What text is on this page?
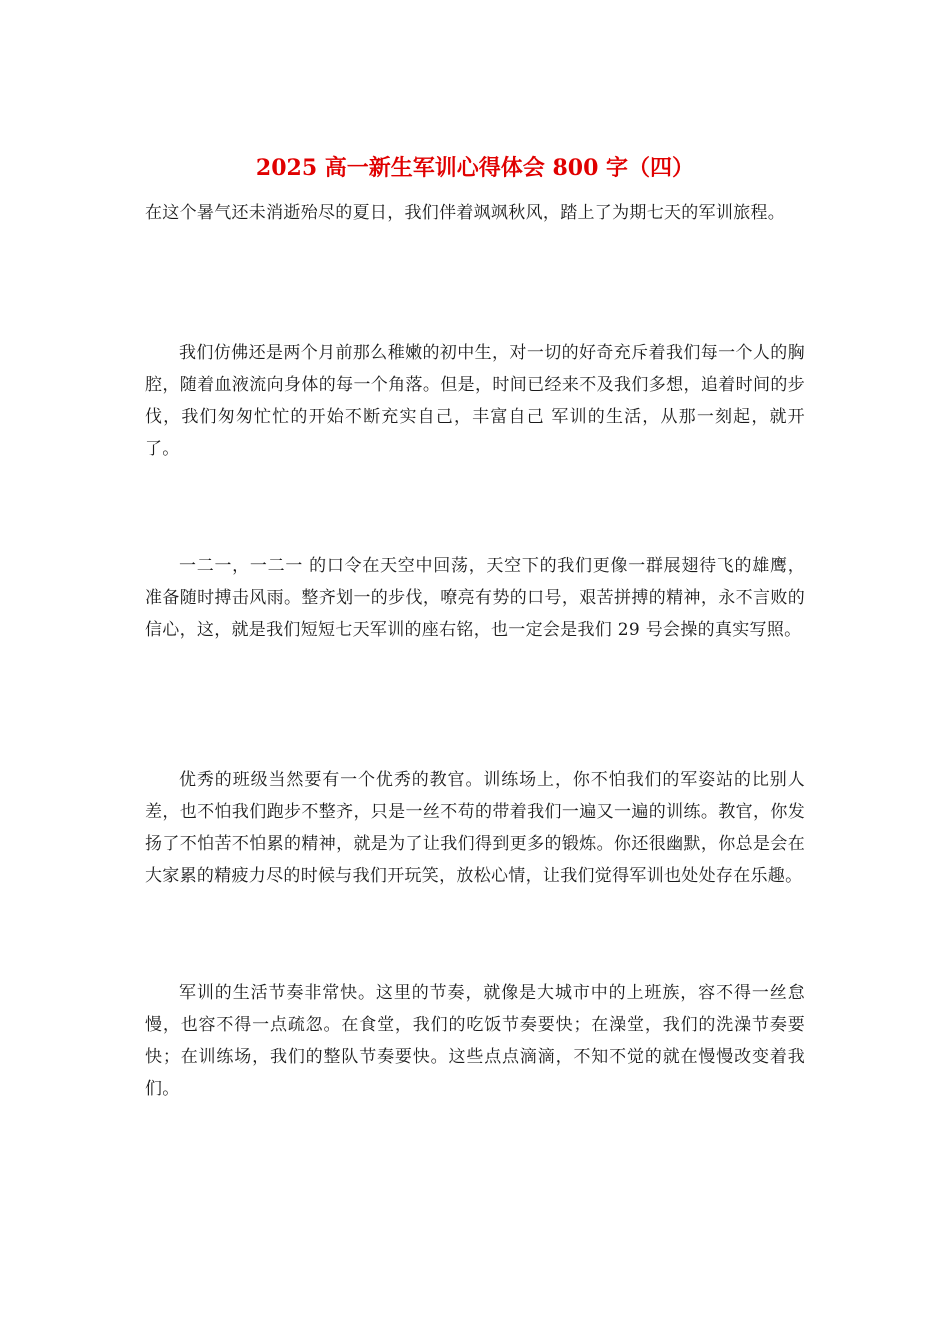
2025 高一新生军训心得体会 800 字（四）

在这个暑气还未消逝殆尽的夏日，我们伴着飒飒秋风，踏上了为期七天的军训旅程。

我们仿佛还是两个月前那么稚嫩的初中生，对一切的好奇充斥着我们每一个人的胸腔，随着血液流向身体的每一个角落。但是，时间已经来不及我们多想，追着时间的步伐，我们匆匆忙忙的开始不断充实自己，丰富自己 军训的生活，从那一刻起，就开了。

一二一，一二一 的口令在天空中回荡，天空下的我们更像一群展翅待飞的雄鹰，准备随时搏击风雨。整齐划一的步伐，嘹亮有势的口号，艰苦拼搏的精神，永不言败的信心，这，就是我们短短七天军训的座右铭，也一定会是我们 29 号会操的真实写照。

优秀的班级当然要有一个优秀的教官。训练场上，你不怕我们的军姿站的比别人差，也不怕我们跑步不整齐，只是一丝不苟的带着我们一遍又一遍的训练。教官，你发扬了不怕苦不怕累的精神，就是为了让我们得到更多的锻炼。你还很幽默，你总是会在大家累的精疲力尽的时候与我们开玩笑，放松心情，让我们觉得军训也处处存在乐趣。

军训的生活节奏非常快。这里的节奏，就像是大城市中的上班族，容不得一丝怠慢，也容不得一点疏忽。在食堂，我们的吃饭节奏要快；在澡堂，我们的洗澡节奏要快；在训练场，我们的整队节奏要快。这些点点滴滴，不知不觉的就在慢慢改变着我们。
